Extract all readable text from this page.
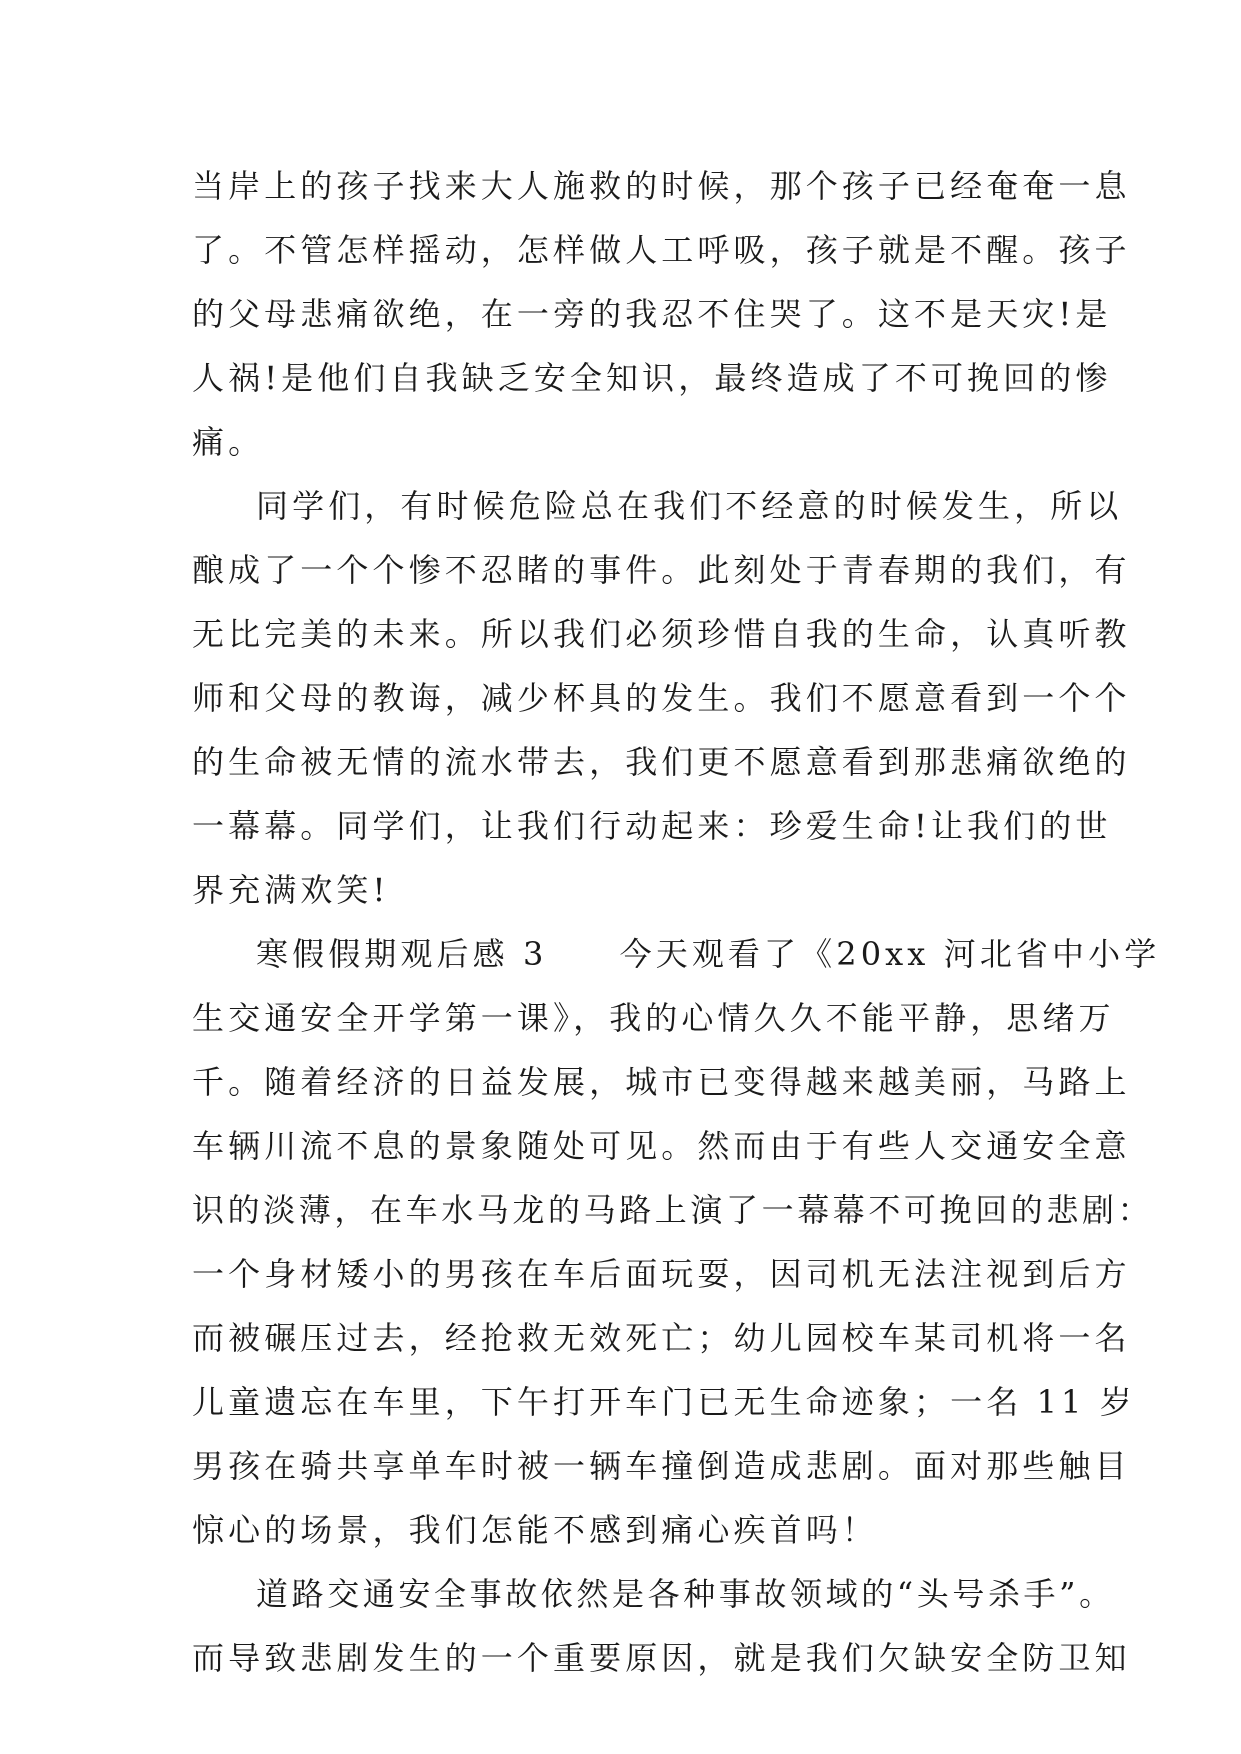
当岸上的孩子找来大人施救的时候，那个孩子已经奄奄一息
了。不管怎样摇动，怎样做人工呼吸，孩子就是不醒。孩子
的父母悲痛欲绝，在一旁的我忍不住哭了。这不是天灾!是
人祸!是他们自我缺乏安全知识，最终造成了不可挽回的惨
痛。
同学们，有时候危险总在我们不经意的时候发生，所以
酿成了一个个惨不忍睹的事件。此刻处于青春期的我们，有
无比完美的未来。所以我们必须珍惜自我的生命，认真听教
师和父母的教诲，减少杯具的发生。我们不愿意看到一个个
的生命被无情的流水带去，我们更不愿意看到那悲痛欲绝的
一幕幕。同学们，让我们行动起来：珍爱生命!让我们的世
界充满欢笑!
寒假假期观后感 3　　今天观看了《20xx 河北省中小学
生交通安全开学第一课》，我的心情久久不能平静，思绪万
千。随着经济的日益发展，城市已变得越来越美丽，马路上
车辆川流不息的景象随处可见。然而由于有些人交通安全意
识的淡薄，在车水马龙的马路上演了一幕幕不可挽回的悲剧：
一个身材矮小的男孩在车后面玩耍，因司机无法注视到后方
而被碾压过去，经抢救无效死亡；幼儿园校车某司机将一名
儿童遗忘在车里，下午打开车门已无生命迹象；一名 11 岁
男孩在骑共享单车时被一辆车撞倒造成悲剧。面对那些触目
惊心的场景，我们怎能不感到痛心疾首吗！
道路交通安全事故依然是各种事故领域的“头号杀手”。
而导致悲剧发生的一个重要原因，就是我们欠缺安全防卫知
